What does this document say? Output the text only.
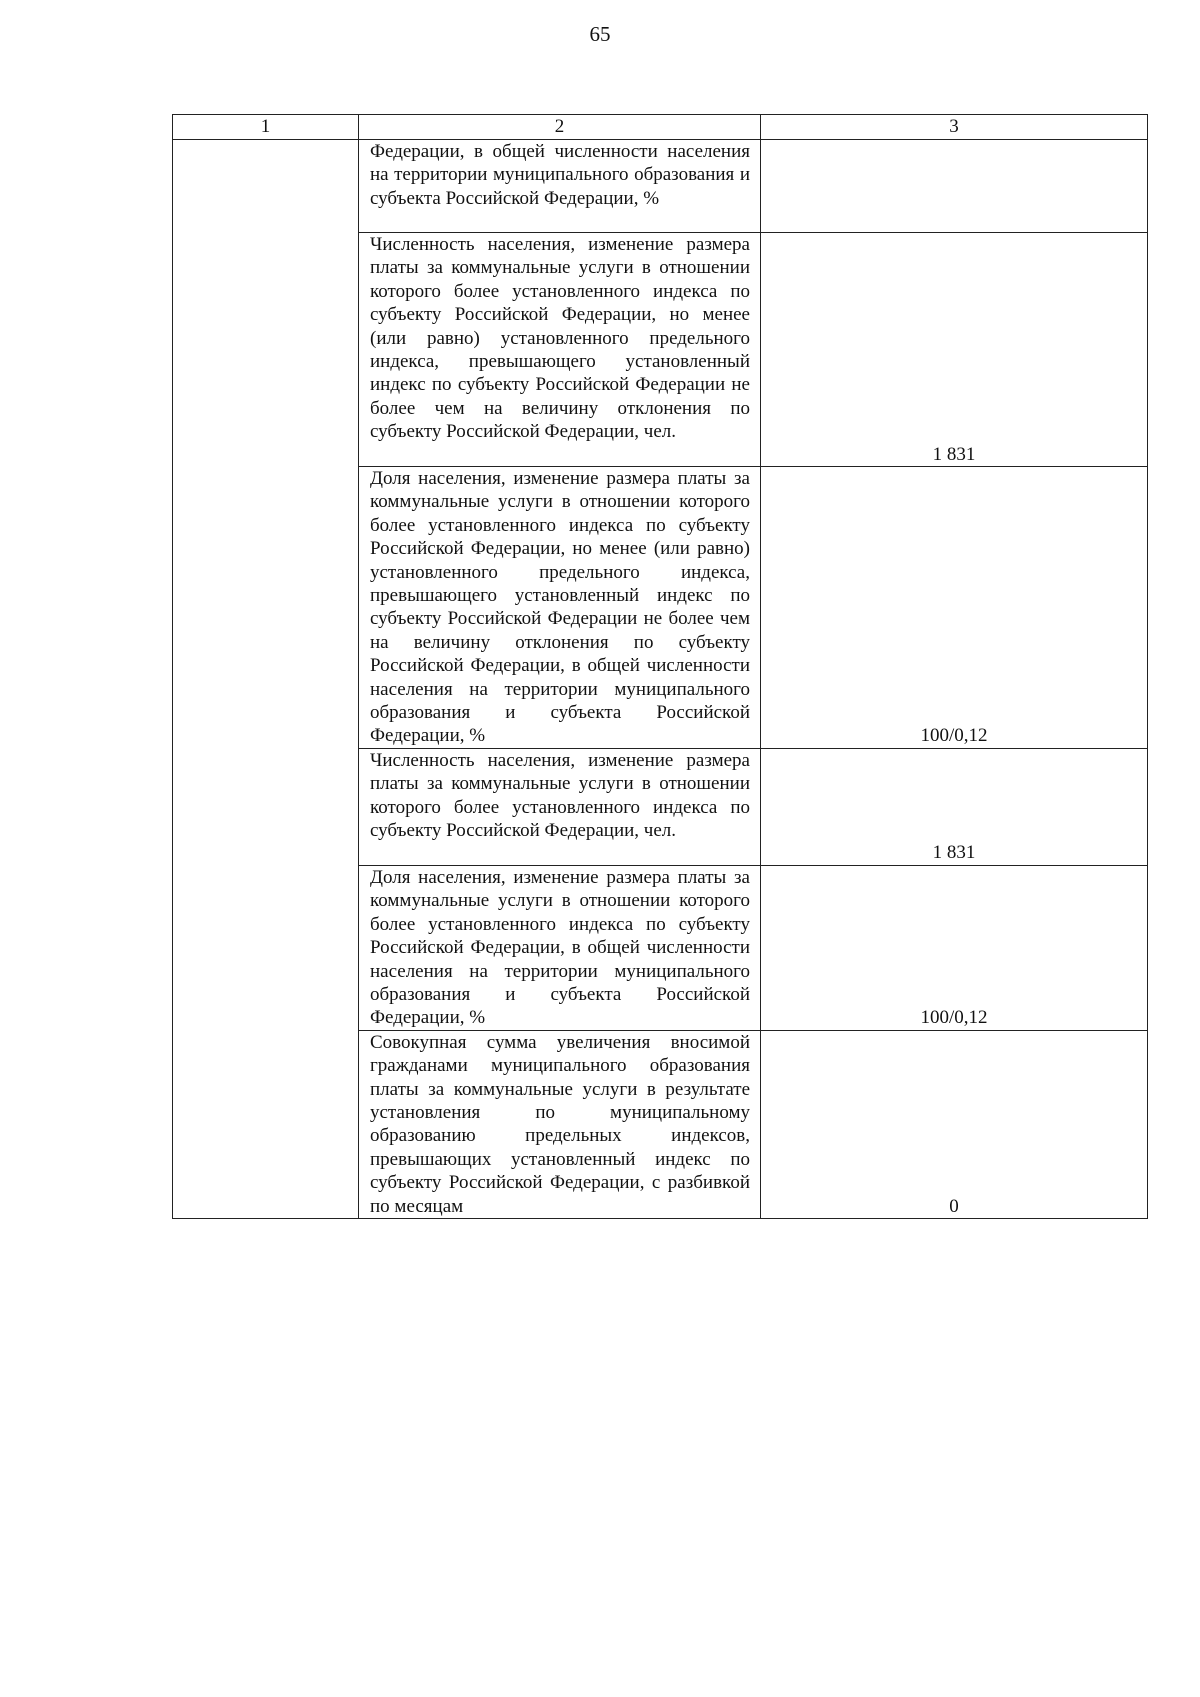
65
1	2	3
	Федерации, в общей численности населения на территории муниципального образования и субъекта Российской Федерации, %	
	Численность населения, изменение размера платы за коммунальные услуги в отношении которого более установленного индекса по субъекту Российской Федерации, но менее (или равно) установленного предельного индекса, превышающего установленный индекс по субъекту Российской Федерации не более чем на величину отклонения по субъекту Российской Федерации, чел.	1 831
	Доля населения, изменение размера платы за коммунальные услуги в отношении которого более установленного индекса по субъекту Российской Федерации, но менее (или равно) установленного предельного индекса, превышающего установленный индекс по субъекту Российской Федерации не более чем на величину отклонения по субъекту Российской Федерации, в общей численности населения на территории муниципального образования и субъекта Российской Федерации, %	100/0,12
	Численность населения, изменение размера платы за коммунальные услуги в отношении которого более установленного индекса по субъекту Российской Федерации, чел.	1 831
	Доля населения, изменение размера платы за коммунальные услуги в отношении которого более установленного индекса по субъекту Российской Федерации, в общей численности населения на территории муниципального образования и субъекта Российской Федерации, %	100/0,12
	Совокупная сумма увеличения вносимой гражданами муниципального образования платы за коммунальные услуги в результате установления по муниципальному образованию предельных индексов, превышающих установленный индекс по субъекту Российской Федерации, с разбивкой по месяцам	0
